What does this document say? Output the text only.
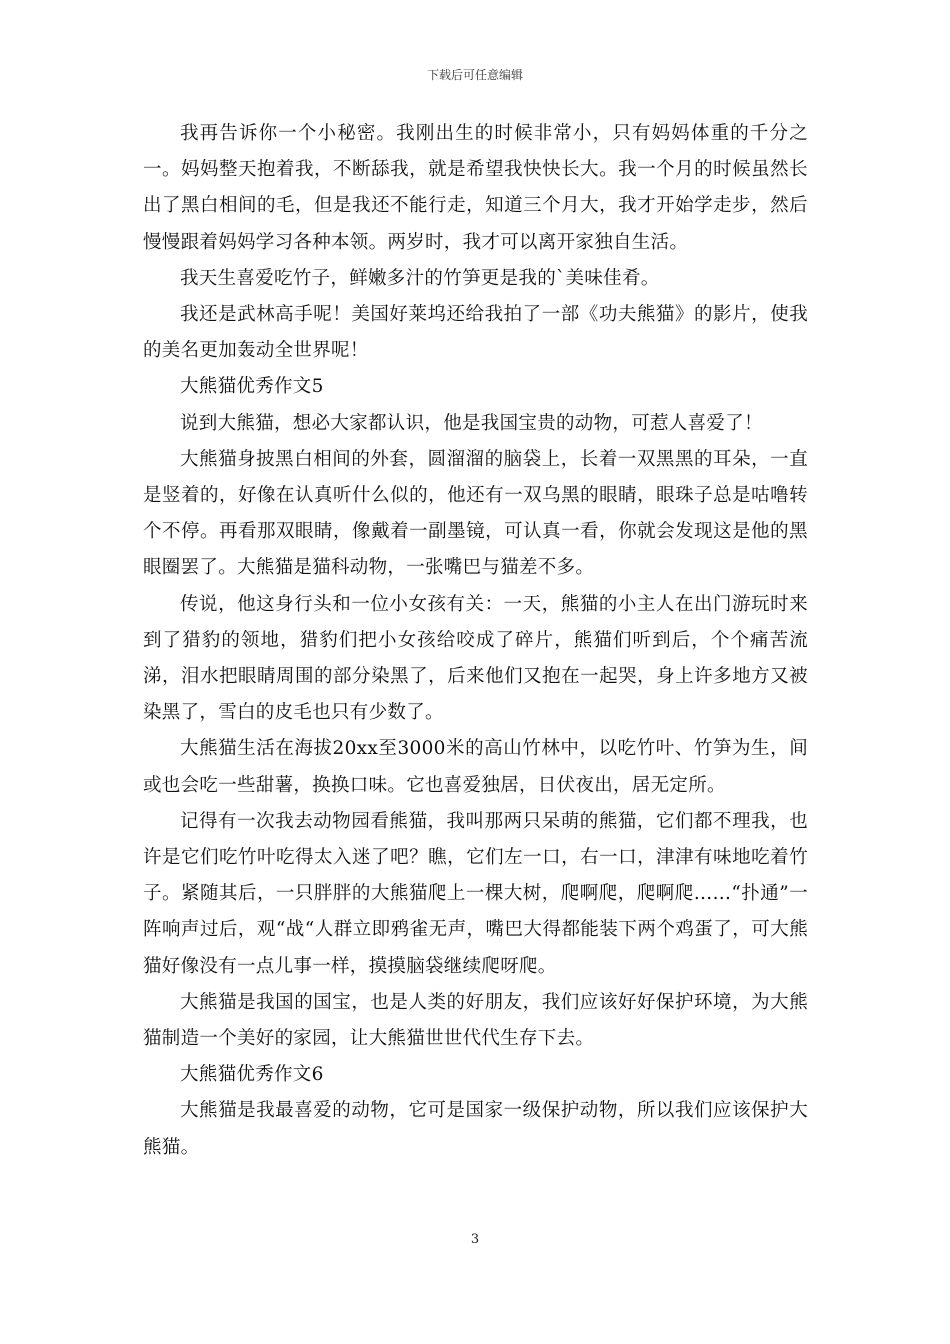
下载后可任意编辑

我再告诉你一个小秘密。我刚出生的时候非常小，只有妈妈体重的千分之一。妈妈整天抱着我，不断舔我，就是希望我快快长大。我一个月的时候虽然长出了黑白相间的毛，但是我还不能行走，知道三个月大，我才开始学走步，然后慢慢跟着妈妈学习各种本领。两岁时，我才可以离开家独自生活。

我天生喜爱吃竹子，鲜嫩多汁的竹笋更是我的`美味佳肴。

我还是武林高手呢！美国好莱坞还给我拍了一部《功夫熊猫》的影片，使我的美名更加轰动全世界呢！

大熊猫优秀作文5

说到大熊猫，想必大家都认识，他是我国宝贵的动物，可惹人喜爱了！

大熊猫身披黑白相间的外套，圆溜溜的脑袋上，长着一双黑黑的耳朵，一直是竖着的，好像在认真听什么似的，他还有一双乌黑的眼睛，眼珠子总是咕噜转个不停。再看那双眼睛，像戴着一副墨镜，可认真一看，你就会发现这是他的黑眼圈罢了。大熊猫是猫科动物，一张嘴巴与猫差不多。

传说，他这身行头和一位小女孩有关：一天，熊猫的小主人在出门游玩时来到了猎豹的领地，猎豹们把小女孩给咬成了碎片，熊猫们听到后，个个痛苦流涕，泪水把眼睛周围的部分染黑了，后来他们又抱在一起哭，身上许多地方又被染黑了，雪白的皮毛也只有少数了。

大熊猫生活在海拔20xx至3000米的高山竹林中，以吃竹叶、竹笋为生，间或也会吃一些甜薯，换换口味。它也喜爱独居，日伏夜出，居无定所。

记得有一次我去动物园看熊猫，我叫那两只呆萌的熊猫，它们都不理我，也许是它们吃竹叶吃得太入迷了吧？瞧，它们左一口，右一口，津津有味地吃着竹子。紧随其后，一只胖胖的大熊猫爬上一棵大树，爬啊爬，爬啊爬……“扑通”一阵响声过后，观“战“人群立即鸦雀无声，嘴巴大得都能装下两个鸡蛋了，可大熊猫好像没有一点儿事一样，摸摸脑袋继续爬呀爬。

大熊猫是我国的国宝，也是人类的好朋友，我们应该好好保护环境，为大熊猫制造一个美好的家园，让大熊猫世世代代生存下去。

大熊猫优秀作文6

大熊猫是我最喜爱的动物，它可是国家一级保护动物，所以我们应该保护大熊猫。

3
